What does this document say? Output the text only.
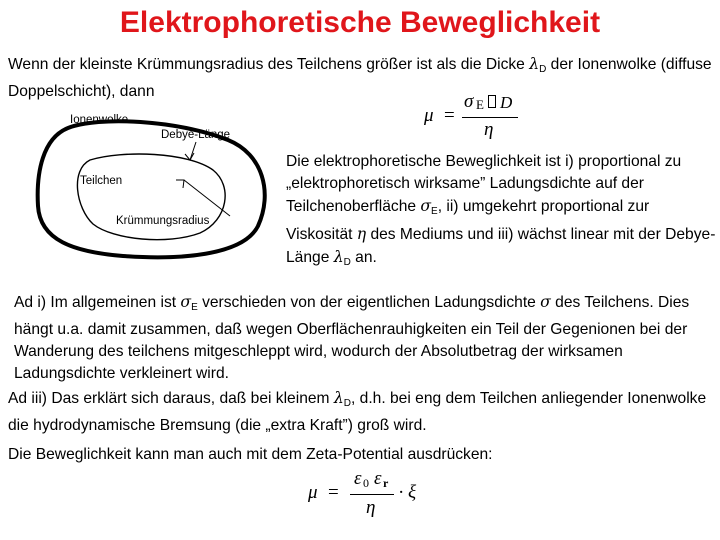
Elektrophoretische Beweglichkeit
Wenn der kleinste Krümmungsradius des Teilchens größer ist als die Dicke $\lambda_D$ der Ionenwolke (diffuse Doppelschicht), dann
μ =
σ E D
η
Ionenwolke
Debye-Länge
Teilchen
Krümmungsradius
Die elektrophoretische Beweglichkeit ist i) proportional zu „elektrophoretisch wirksame” Ladungsdichte auf der Teilchenoberfläche $\sigma_E$, ii) umgekehrt proportional zur Viskosität η des Mediums und iii) wächst linear mit der Debye-Länge $\lambda_D$ an.
Ad i) Im allgemeinen ist $\sigma_E$ verschieden von der eigentlichen Ladungsdichte σ des Teilchens. Dies hängt u.a. damit zusammen, daß wegen Oberflächenrauhigkeiten ein Teil der Gegenionen bei der Wanderung des teilchens mitgeschleppt wird, wodurch der Absolutbetrag der wirksamen Ladungsdichte verkleinert wird.
Ad iii) Das erklärt sich daraus, daß bei kleinem $\lambda_D$, d.h. bei eng dem Teilchen anliegender Ionenwolke die hydrodynamische Bremsung (die „extra Kraft”) groß wird.
Die Beweglichkeit kann man auch mit dem Zeta-Potential ausdrücken:
μ =
ε 0 ε r
η
· ξ
